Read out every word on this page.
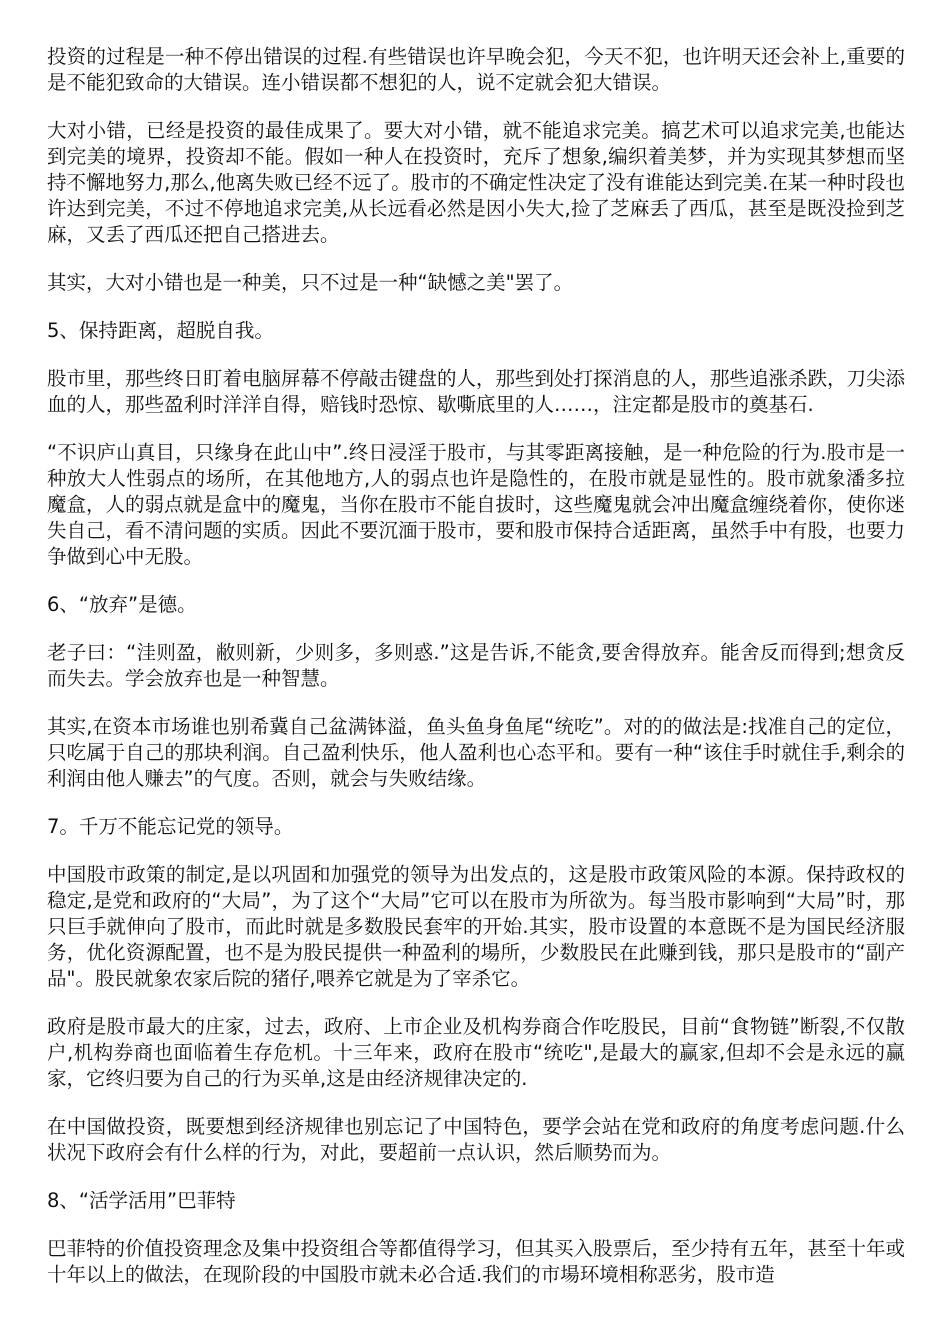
投资的过程是一种不停出错误的过程.有些错误也许早晚会犯，今天不犯，也许明天还会补上,重要的是不能犯致命的大错误。连小错误都不想犯的人，说不定就会犯大错误。

大对小错，已经是投资的最佳成果了。要大对小错，就不能追求完美。搞艺术可以追求完美,也能达到完美的境界，投资却不能。假如一种人在投资时，充斥了想象,编织着美梦，并为实现其梦想而坚持不懈地努力,那么,他离失败已经不远了。股市的不确定性决定了没有谁能达到完美.在某一种时段也许达到完美，不过不停地追求完美,从长远看必然是因小失大,捡了芝麻丢了西瓜，甚至是既没捡到芝麻，又丢了西瓜还把自己搭进去。

其实，大对小错也是一种美，只不过是一种“缺憾之美"罢了。

5、保持距离，超脱自我。

股市里，那些终日盯着电脑屏幕不停敲击键盘的人，那些到处打探消息的人，那些追涨杀跌，刀尖添血的人，那些盈利时洋洋自得，赔钱时恐惊、歇嘶底里的人……，注定都是股市的奠基石.

“不识庐山真目，只缘身在此山中”.终日浸淫于股市，与其零距离接触，是一种危险的行为.股市是一种放大人性弱点的场所，在其他地方,人的弱点也许是隐性的，在股市就是显性的。股市就象潘多拉魔盒，人的弱点就是盒中的魔鬼，当你在股市不能自拔时，这些魔鬼就会冲出魔盒缠绕着你，使你迷失自己，看不清问题的实质。因此不要沉湎于股市，要和股市保持合适距离，虽然手中有股，也要力争做到心中无股。

6、“放弃”是德。

老子曰：“洼则盈，敝则新，少则多，多则惑.”这是告诉,不能贪,要舍得放弃。能舍反而得到;想贪反而失去。学会放弃也是一种智慧。

其实,在资本市场谁也别希冀自己盆满钵溢，鱼头鱼身鱼尾“统吃”。对的的做法是:找准自己的定位，只吃属于自己的那块利润。自己盈利快乐，他人盈利也心态平和。要有一种“该住手时就住手,剩余的利润由他人赚去”的气度。否则，就会与失败结缘。

7。千万不能忘记党的领导。

中国股市政策的制定,是以巩固和加强党的领导为出发点的，这是股市政策风险的本源。保持政权的稳定,是党和政府的“大局”，为了这个“大局”它可以在股市为所欲为。每当股市影响到“大局”时，那只巨手就伸向了股市，而此时就是多数股民套牢的开始.其实，股市设置的本意既不是为国民经济服务，优化资源配置，也不是为股民提供一种盈利的場所，少数股民在此赚到钱，那只是股市的“副产品"。股民就象农家后院的猪仔,喂养它就是为了宰杀它。

政府是股市最大的庄家，过去，政府、上市企业及机构券商合作吃股民，目前“食物链”断裂,不仅散户,机构券商也面临着生存危机。十三年来，政府在股市“统吃",是最大的赢家,但却不会是永远的赢家，它终归要为自己的行为买单,这是由经济规律决定的.

在中国做投资，既要想到经济规律也别忘记了中国特色，要学会站在党和政府的角度考虑问题.什么状况下政府会有什么样的行为，对此，要超前一点认识，然后顺势而为。

8、“活学活用”巴菲特

巴菲特的价值投资理念及集中投资组合等都值得学习，但其买入股票后，至少持有五年，甚至十年或十年以上的做法，在现阶段的中国股市就未必合适.我们的市場环境相称恶劣，股市造
